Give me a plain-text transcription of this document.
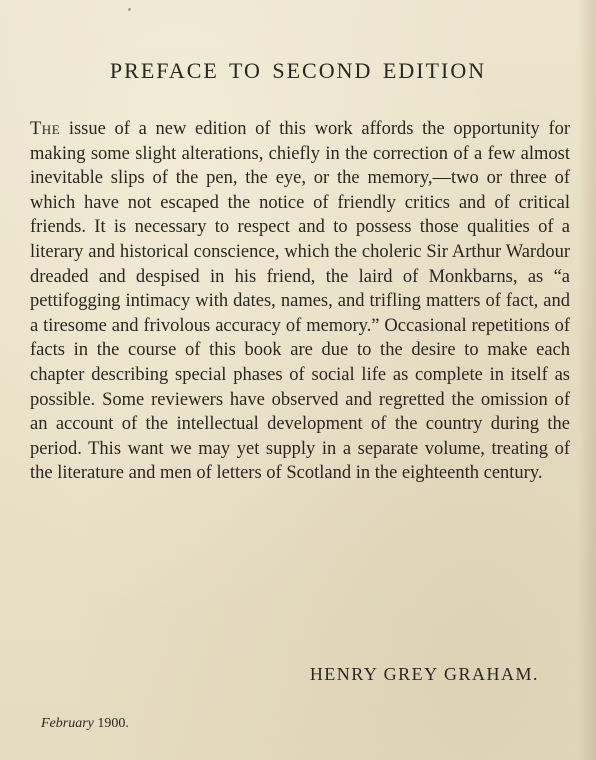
PREFACE TO SECOND EDITION

The issue of a new edition of this work affords the opportunity for making some slight alterations, chiefly in the correction of a few almost inevitable slips of the pen, the eye, or the memory,—two or three of which have not escaped the notice of friendly critics and of critical friends. It is necessary to respect and to possess those qualities of a literary and historical conscience, which the choleric Sir Arthur Wardour dreaded and despised in his friend, the laird of Monkbarns, as “a pettifogging intimacy with dates, names, and trifling matters of fact, and a tiresome and frivolous accuracy of memory.” Occasional repetitions of facts in the course of this book are due to the desire to make each chapter describing special phases of social life as complete in itself as possible. Some reviewers have observed and regretted the omission of an account of the intellectual development of the country during the period. This want we may yet supply in a separate volume, treating of the literature and men of letters of Scotland in the eighteenth century.

HENRY GREY GRAHAM.

February 1900.
